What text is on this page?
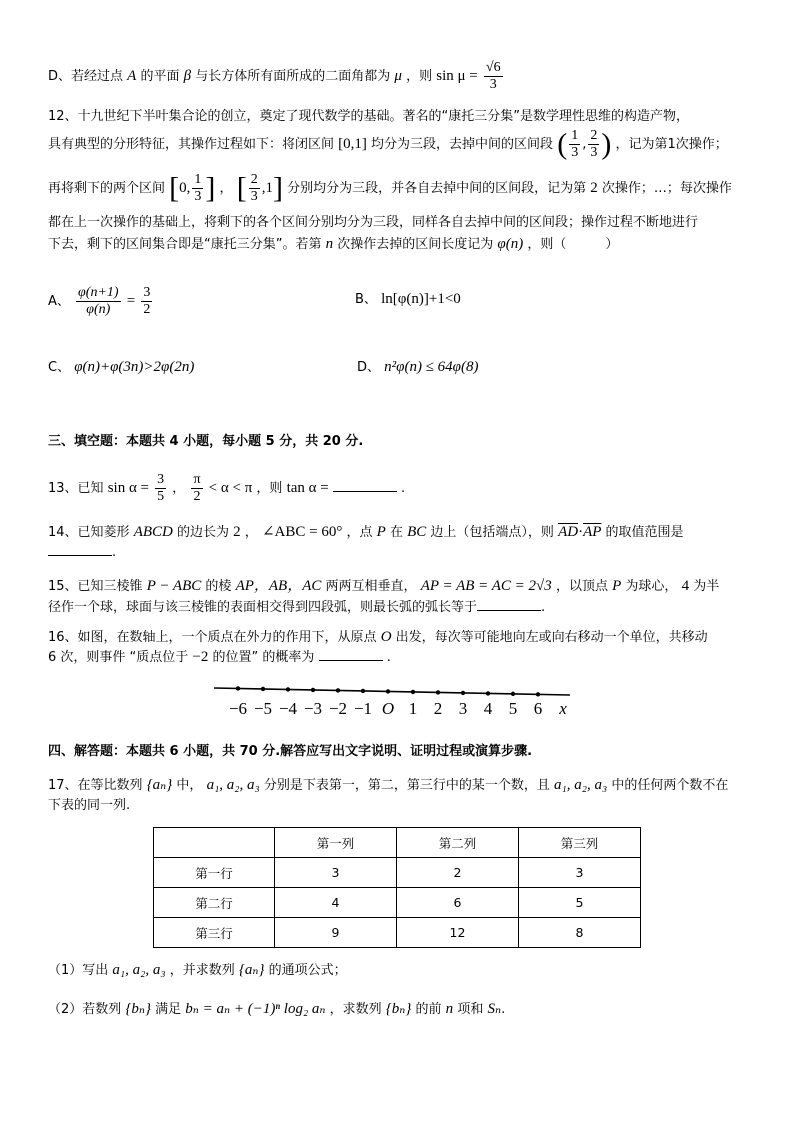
D、若经过点 A 的平面 β 与长方体所有面所成的二面角都为 μ ，则 $\sin \mu = \frac{√6}{3}$
12、十九世纪下半叶集合论的创立，奠定了现代数学的基础。著名的“康托三分集”是数学理性思维的构造产物，
具有典型的分形特征，其操作过程如下：将闭区间 [0,1] 均分为三段，去掉中间的区间段 ( $\frac{1}{3}$ , $\frac{2}{3}$ ) ，记为第1次操作；
再将剩下的两个区间 [0, $\frac{1}{3}$ ] ， [ $\frac{2}{3} ,1$] 分别均分为三段，并各自去掉中间的区间段，记为第 2 次操作；…；每次操作
都在上一次操作的基础上，将剩下的各个区间分别均分为三段，同样各自去掉中间的区间段；操作过程不断地进行
下去，剩下的区间集合即是“康托三分集”。若第 n 次操作去掉的区间长度记为 φ(n) ，则（　　　）
A、 $\frac{\varphi(n+1)}{\varphi(n)} = \frac{3}{2}$	B、 ln[φ(n)]+1<0
C、 φ(n)+φ(3n)>2φ(2n)	D、 n²φ(n) ≤ 64φ(8)
三、填空题：本题共 4 小题，每小题 5 分，共 20 分.
13、已知 $\sin \alpha = \frac{3}{5}$ ， $\frac{\pi}{2} < \alpha < \pi$ ，则 tan α =	.
14、已知菱形 ABCD 的边长为 2 ， ∠ABC = 60° ，点 P 在 BC 边上（包括端点），则 $\overline{AD}\cdot\overline{AP}$ 的取值范围是
.
15、已知三棱锥 P − ABC 的棱 AP，AB，AC 两两互相垂直， AP = AB = AC = 2√3 ，以顶点 P 为球心， 4 为半
径作一个球，球面与该三棱锥的表面相交得到四段弧，则最长弧的弧长等于	.
16、如图，在数轴上，一个质点在外力的作用下，从原点 O 出发，每次等可能地向左或向右移动一个单位，共移动
6 次，则事件 “质点位于 −2 的位置” 的概率为	.
−6 −5 −4 −3 −2 −1 O 1 2 3 4 5 6 x
四、解答题：本题共 6 小题，共 70 分.解答应写出文字说明、证明过程或演算步骤.
17、在等比数列 {aₙ} 中， a₁, a₂, a₃ 分别是下表第一，第二，第三行中的某一个数，且 a₁, a₂, a₃ 中的任何两个数不在
下表的同一列.
	第一列	第二列	第三列
第一行	3	2	3
第二行	4	6	5
第三行	9	12	8
（1）写出 a₁, a₂, a₃ ，并求数列 {aₙ} 的通项公式；
（2）若数列 {bₙ} 满足 bₙ = aₙ + (−1)ⁿ log₂ aₙ ，求数列 {bₙ} 的前 n 项和 Sₙ.
